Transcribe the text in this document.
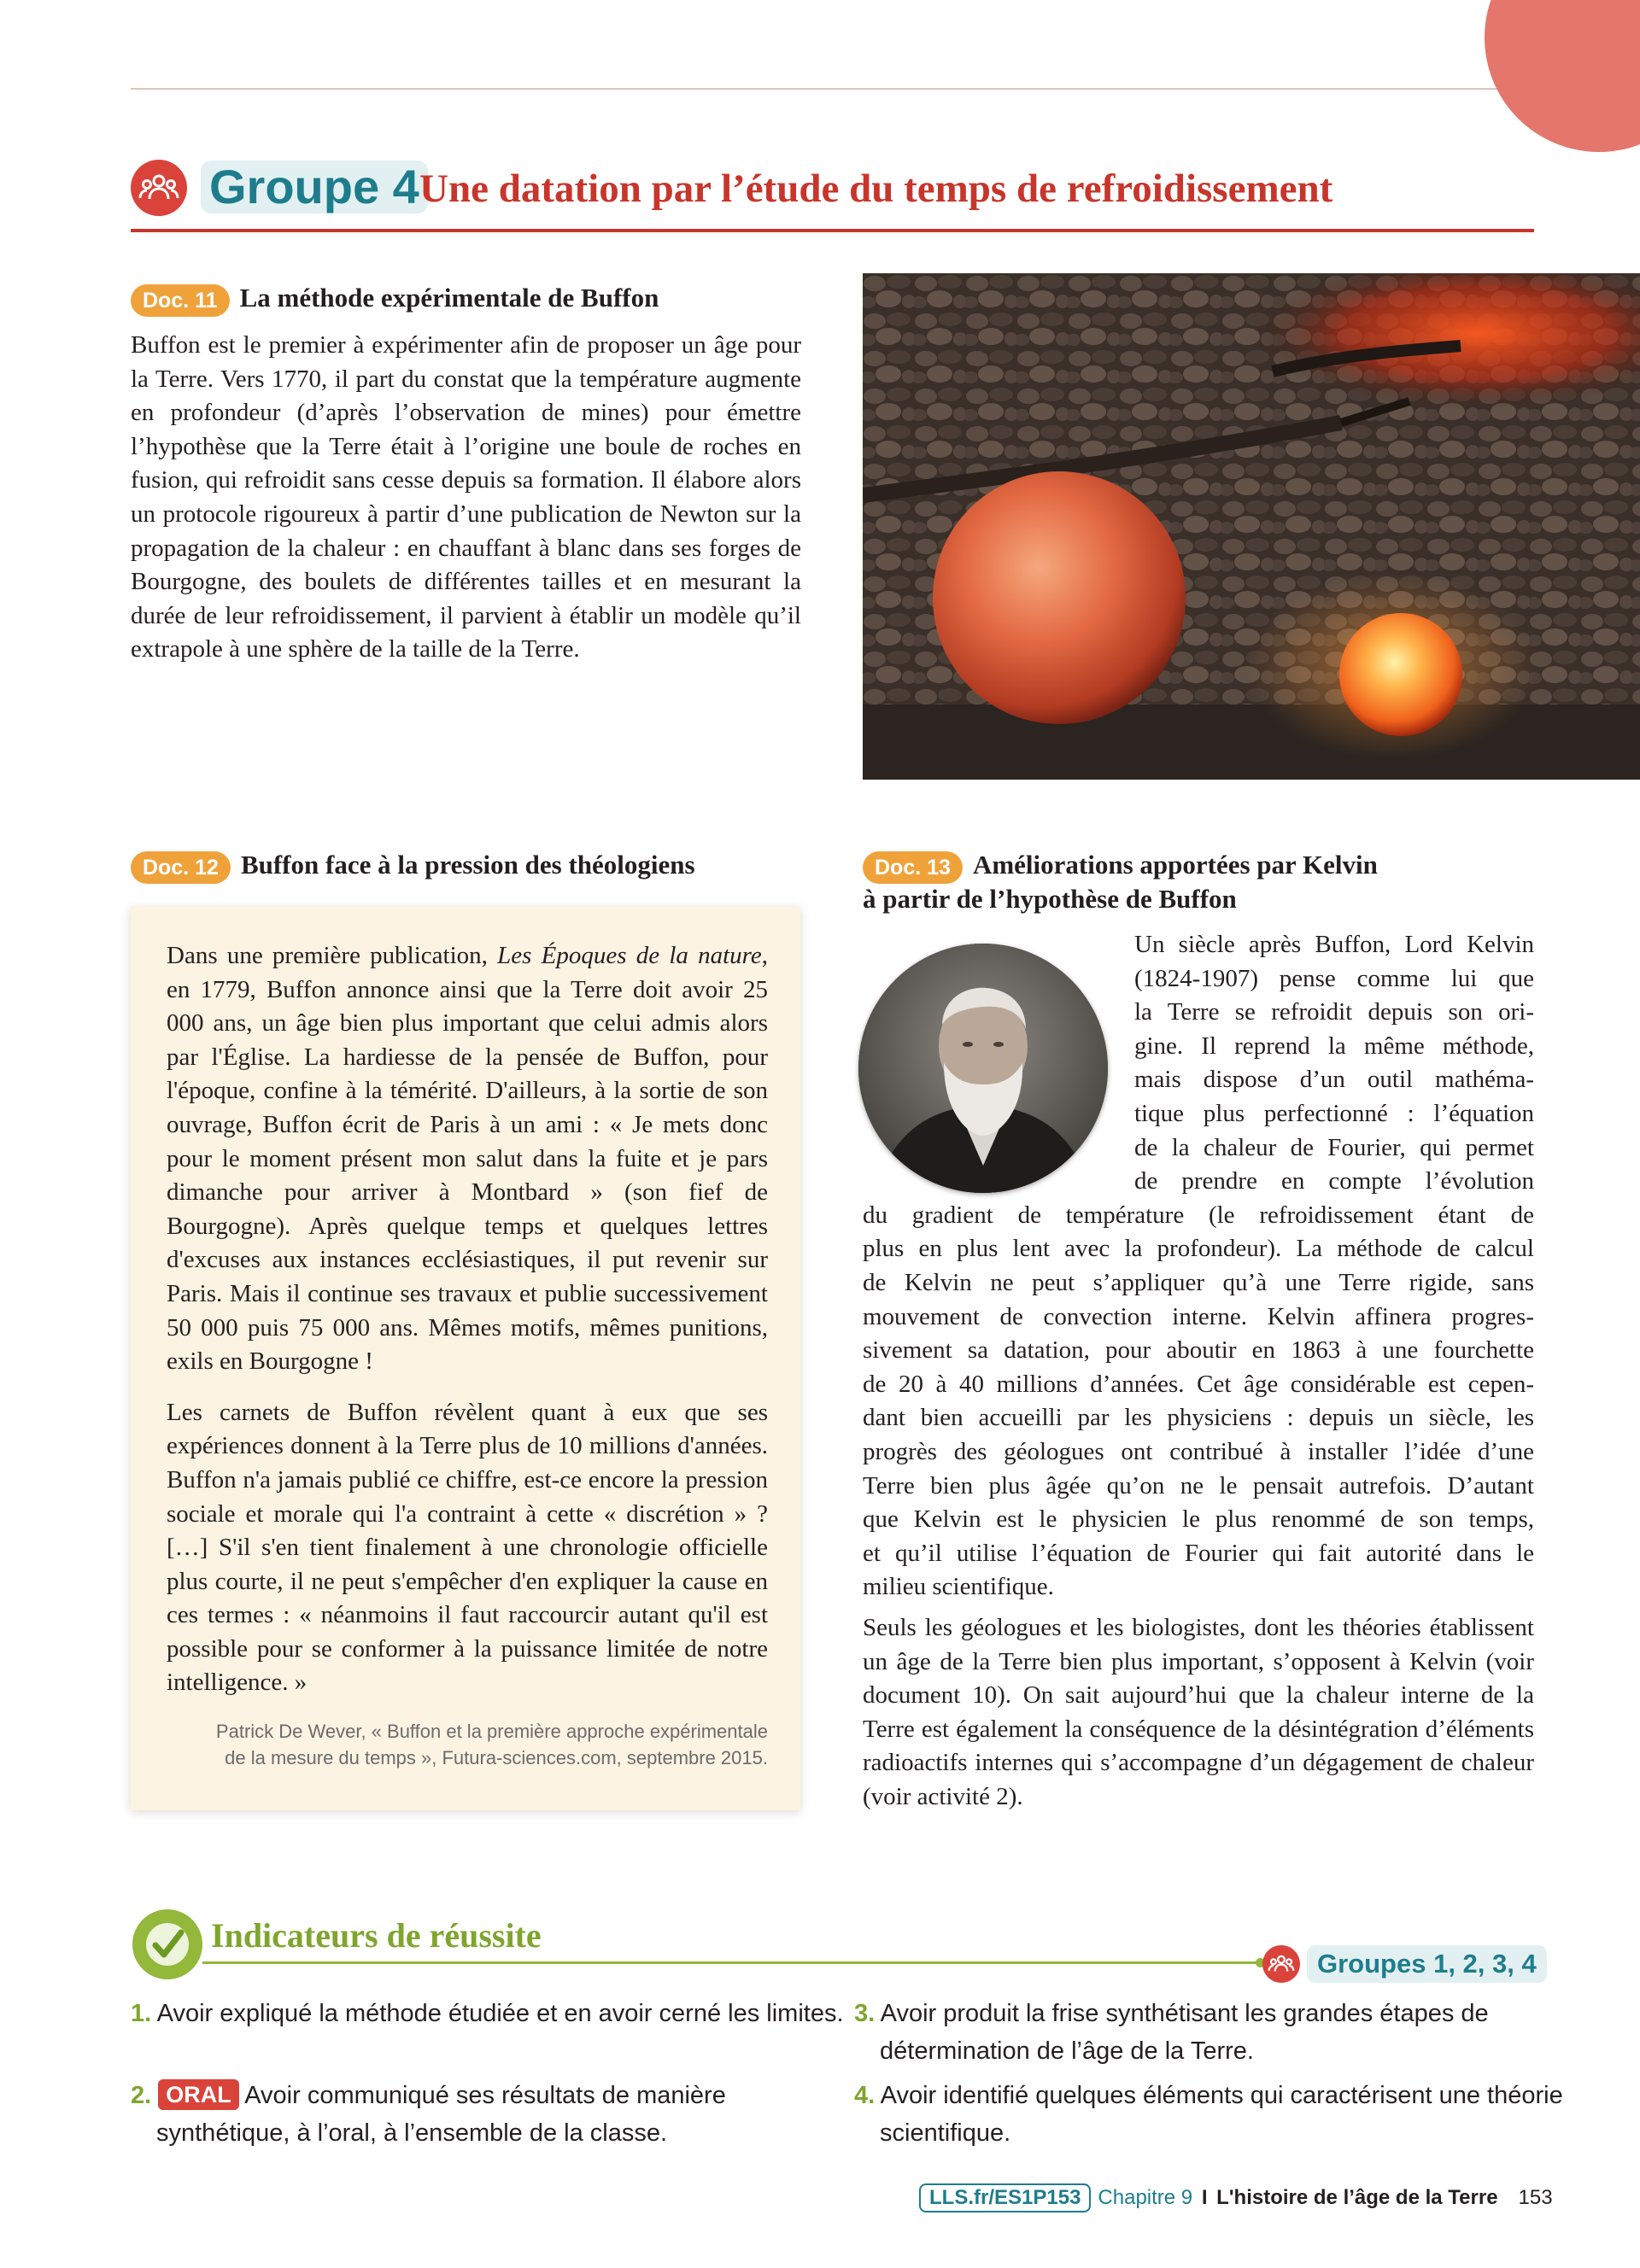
Groupe 4 Une datation par l’étude du temps de refroidissement
Doc. 11 La méthode expérimentale de Buffon
Buffon est le premier à expérimenter afin de proposer un âge pour la Terre. Vers 1770, il part du constat que la température augmente en profondeur (d’après l’observation de mines) pour émettre l’hypothèse que la Terre était à l’origine une boule de roches en fusion, qui refroidit sans cesse depuis sa formation. Il élabore alors un protocole rigoureux à partir d’une publication de Newton sur la propagation de la chaleur : en chauffant à blanc dans ses forges de Bourgogne, des boulets de différentes tailles et en mesurant la durée de leur refroidissement, il parvient à établir un modèle qu’il extrapole à une sphère de la taille de la Terre.
Doc. 12 Buffon face à la pression des théologiens

Dans une première publication, Les Époques de la nature, en 1779, Buffon annonce ainsi que la Terre doit avoir 25 000 ans, un âge bien plus important que celui admis alors par l'Église. La hardiesse de la pensée de Buffon, pour l'époque, confine à la témérité. D'ailleurs, à la sortie de son ouvrage, Buffon écrit de Paris à un ami : « Je mets donc pour le moment présent mon salut dans la fuite et je pars dimanche pour arriver à Montbard » (son fief de Bourgogne). Après quelque temps et quelques lettres d'excuses aux instances ecclésiastiques, il put revenir sur Paris. Mais il continue ses travaux et publie successivement 50 000 puis 75 000 ans. Mêmes motifs, mêmes punitions, exils en Bourgogne !

Les carnets de Buffon révèlent quant à eux que ses expériences donnent à la Terre plus de 10 millions d'années. Buffon n'a jamais publié ce chiffre, est-ce encore la pression sociale et morale qui l'a contraint à cette « discrétion » ? […] S'il s'en tient finalement à une chronologie officielle plus courte, il ne peut s'empêcher d'en expliquer la cause en ces termes : « néanmoins il faut raccourcir autant qu'il est possible pour se conformer à la puissance limitée de notre intelligence. »

Patrick De Wever, « Buffon et la première approche expérimentale
de la mesure du temps », Futura-sciences.com, septembre 2015.
Doc. 13 Améliorations apportées par Kelvin
à partir de l’hypothèse de Buffon
Un siècle après Buffon, Lord Kelvin
(1824-1907) pense comme lui que
la Terre se refroidit depuis son ori-
gine. Il reprend la même méthode,
mais dispose d’un outil mathéma-
tique plus perfectionné : l’équation
de la chaleur de Fourier, qui permet
de prendre en compte l’évolution
du gradient de température (le refroidissement étant de
plus en plus lent avec la profondeur). La méthode de calcul
de Kelvin ne peut s’appliquer qu’à une Terre rigide, sans
mouvement de convection interne. Kelvin affinera progres-
sivement sa datation, pour aboutir en 1863 à une fourchette
de 20 à 40 millions d’années. Cet âge considérable est cepen-
dant bien accueilli par les physiciens : depuis un siècle, les
progrès des géologues ont contribué à installer l’idée d’une
Terre bien plus âgée qu’on ne le pensait autrefois. D’autant
que Kelvin est le physicien le plus renommé de son temps,
et qu’il utilise l’équation de Fourier qui fait autorité dans le
milieu scientifique.
Seuls les géologues et les biologistes, dont les théories établissent un âge de la Terre bien plus important, s’opposent à Kelvin (voir document 10). On sait aujourd’hui que la chaleur interne de la Terre est également la conséquence de la désintégration d’éléments radioactifs internes qui s’accompagne d’un dégagement de chaleur (voir activité 2).
Indicateurs de réussite
Groupes 1, 2, 3, 4
1. Avoir expliqué la méthode étudiée et en avoir cerné les limites.
2. ORAL Avoir communiqué ses résultats de manière synthétique, à l’oral, à l’ensemble de la classe.
3. Avoir produit la frise synthétisant les grandes étapes de détermination de l’âge de la Terre.
4. Avoir identifié quelques éléments qui caractérisent une théorie scientifique.
LLS.fr/ES1P153 Chapitre 9 I L'histoire de l’âge de la Terre 153
